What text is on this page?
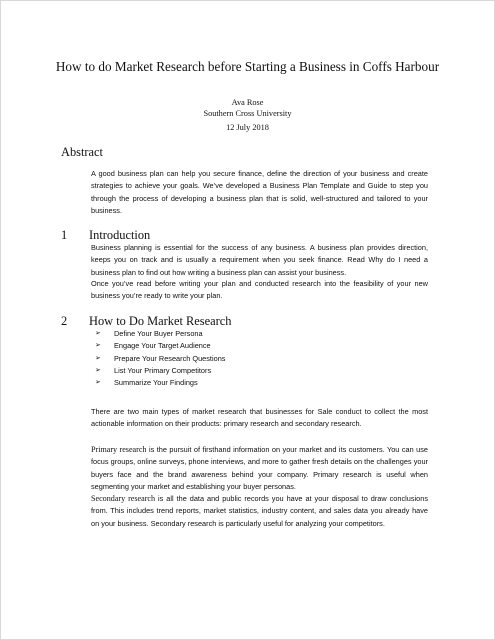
How to do Market Research before Starting a Business in Coffs Harbour
Ava Rose
Southern Cross University
12 July 2018
Abstract

A good business plan can help you secure finance, define the direction of your business and create strategies to achieve your goals. We’ve developed a Business Plan Template and Guide to step you through the process of developing a business plan that is solid, well-structured and tailored to your business.

1 Introduction

Business planning is essential for the success of any business. A business plan provides direction, keeps you on track and is usually a requirement when you seek finance. Read Why do I need a business plan to find out how writing a business plan can assist your business.

Once you’ve read before writing your plan and conducted research into the feasibility of your new business you’re ready to write your plan.

2 How to Do Market Research
➢	Define Your Buyer Persona
➢	Engage Your Target Audience
➢	Prepare Your Research Questions
➢	List Your Primary Competitors
➢	Summarize Your Findings

There are two main types of market research that businesses for Sale conduct to collect the most actionable information on their products: primary research and secondary research.

Primary research is the pursuit of firsthand information on your market and its customers. You can use focus groups, online surveys, phone interviews, and more to gather fresh details on the challenges your buyers face and the brand awareness behind your company. Primary research is useful when segmenting your market and establishing your buyer personas.

Secondary research is all the data and public records you have at your disposal to draw conclusions from. This includes trend reports, market statistics, industry content, and sales data you already have on your business. Secondary research is particularly useful for analyzing your competitors.
